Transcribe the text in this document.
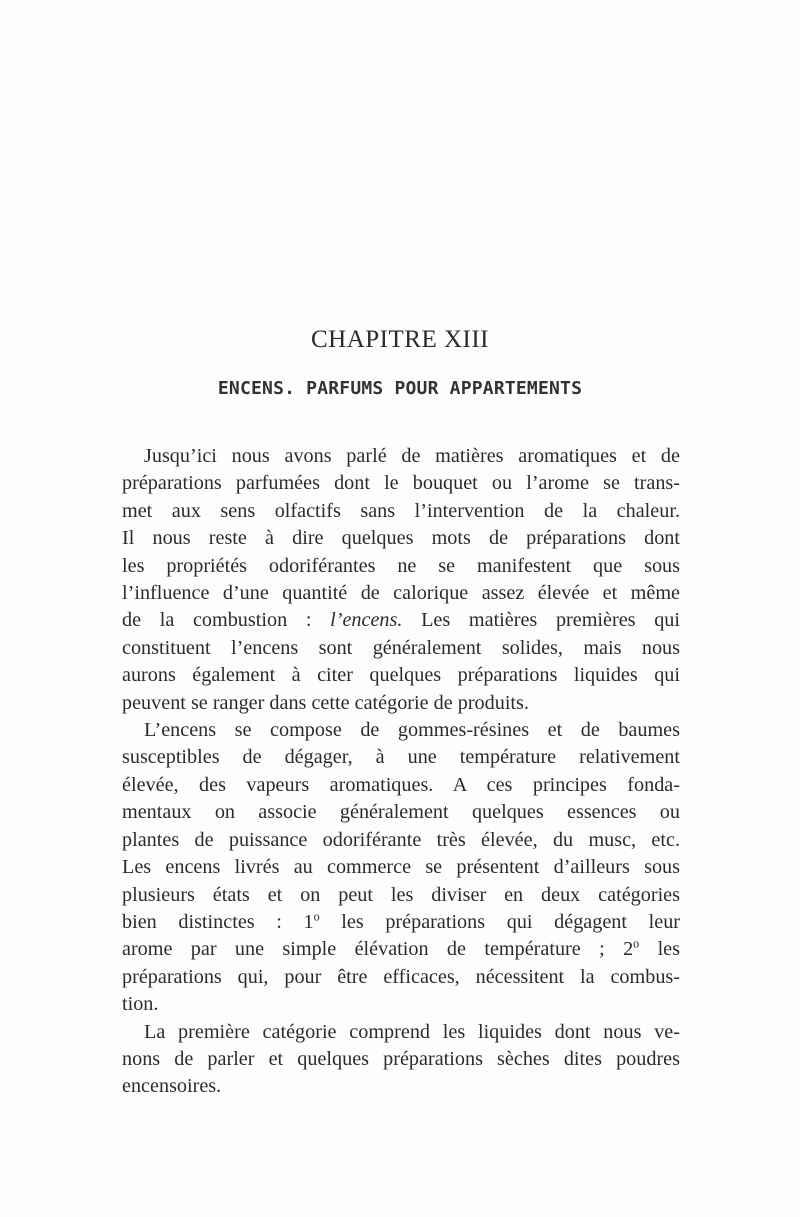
CHAPITRE XIII
ENCENS. PARFUMS POUR APPARTEMENTS
Jusqu’ici nous avons parlé de matières aromatiques et de
préparations parfumées dont le bouquet ou l’arome se trans-
met aux sens olfactifs sans l’intervention de la chaleur.
Il nous reste à dire quelques mots de préparations dont
les propriétés odoriférantes ne se manifestent que sous
l’influence d’une quantité de calorique assez élevée et même
de la combustion : l’encens. Les matières premières qui
constituent l’encens sont généralement solides, mais nous
aurons également à citer quelques préparations liquides qui
peuvent se ranger dans cette catégorie de produits.
L’encens se compose de gommes-résines et de baumes
susceptibles de dégager, à une température relativement
élevée, des vapeurs aromatiques. A ces principes fonda-
mentaux on associe généralement quelques essences ou
plantes de puissance odoriférante très élevée, du musc, etc.
Les encens livrés au commerce se présentent d’ailleurs sous
plusieurs états et on peut les diviser en deux catégories
bien distinctes : 1$^o$ les préparations qui dégagent leur
arome par une simple élévation de température ; 2$^o$ les
préparations qui, pour être efficaces, nécessitent la combus-
tion.
La première catégorie comprend les liquides dont nous ve-
nons de parler et quelques préparations sèches dites poudres
encensoires.
